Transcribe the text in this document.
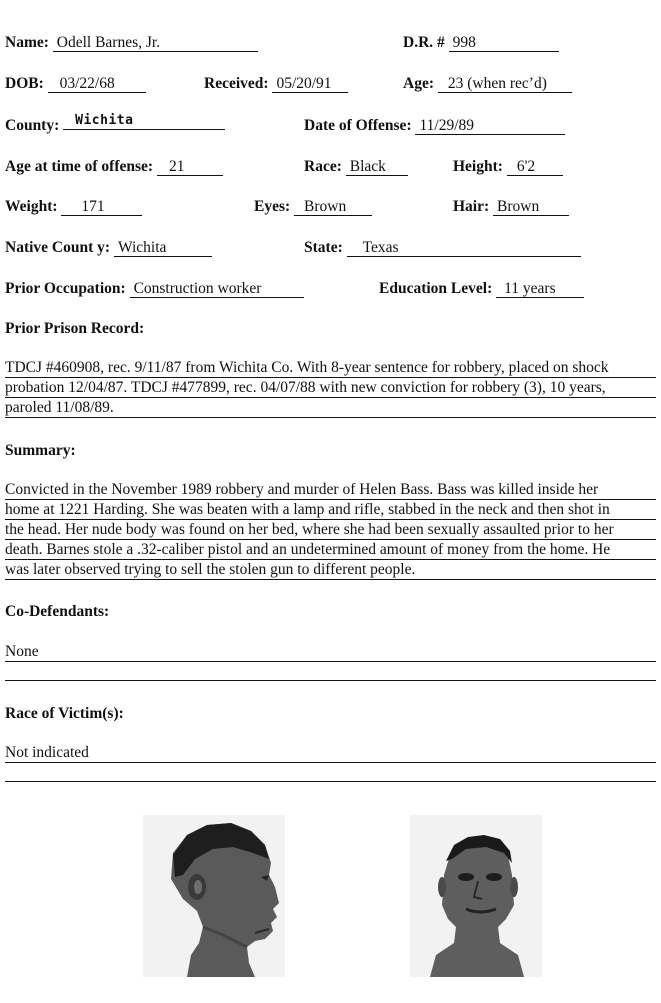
Name: Odell Barnes, Jr.	D.R. # 998
DOB: 03/22/68	Received: 05/20/91	Age: 23 (when rec’d)
County: Wichita	Date of Offense: 11/29/89
Age at time of offense: 21	Race: Black	Height: 6'2
Weight: 171	Eyes: Brown	Hair: Brown
Native Count y: Wichita	State: Texas
Prior Occupation: Construction worker	Education Level: 11 years
Prior Prison Record:
TDCJ #460908, rec. 9/11/87 from Wichita Co. With 8-year sentence for robbery, placed on shock
probation 12/04/87. TDCJ #477899, rec. 04/07/88 with new conviction for robbery (3), 10 years,
paroled 11/08/89.
Summary:
Convicted in the November 1989 robbery and murder of Helen Bass. Bass was killed inside her
home at 1221 Harding. She was beaten with a lamp and rifle, stabbed in the neck and then shot in
the head. Her nude body was found on her bed, where she had been sexually assaulted prior to her
death. Barnes stole a .32-caliber pistol and an undetermined amount of money from the home. He
was later observed trying to sell the stolen gun to different people.
Co-Defendants:
None
Race of Victim(s):
Not indicated
